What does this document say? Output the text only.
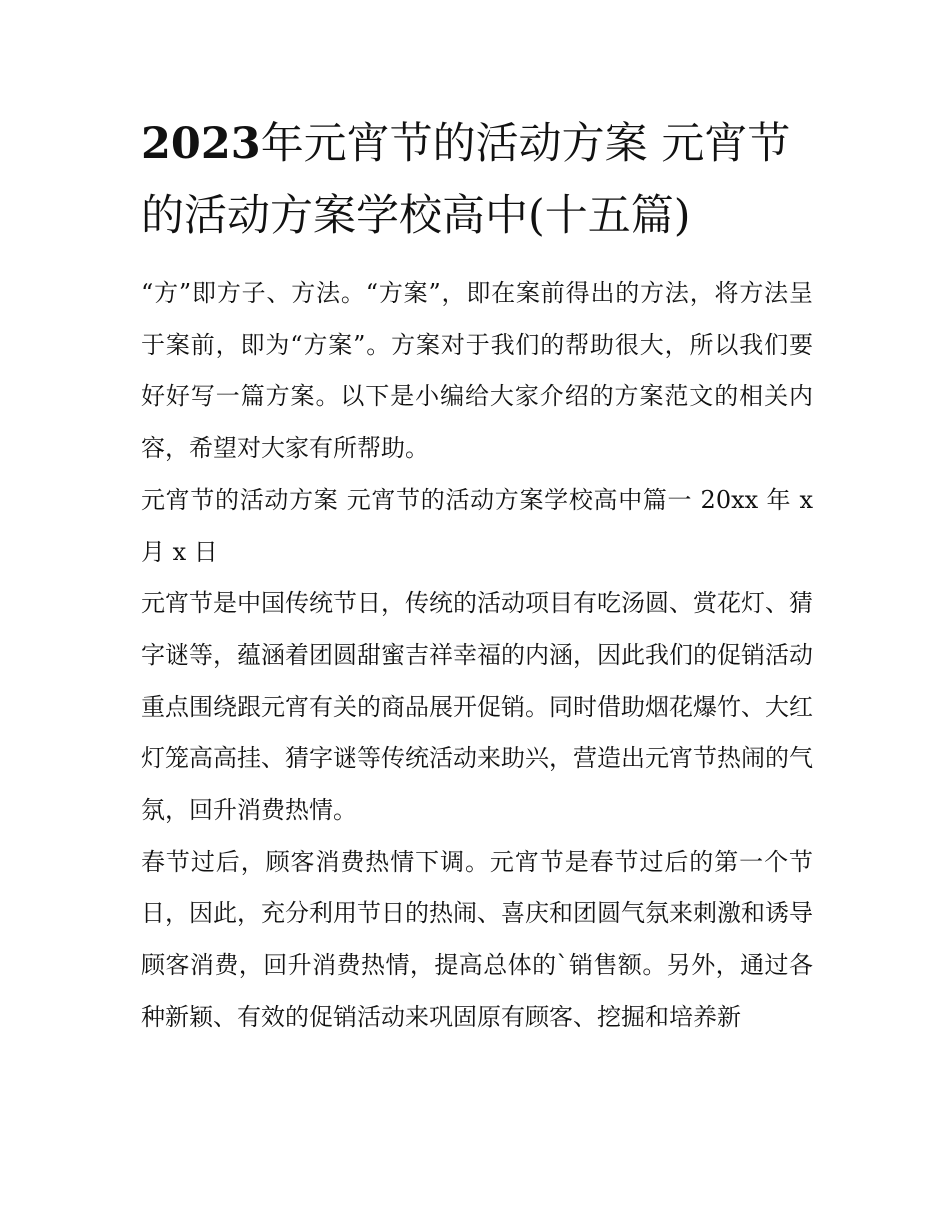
2023年元宵节的活动方案 元宵节的活动方案学校高中(十五篇)

“方”即方子、方法。“方案”，即在案前得出的方法，将方法呈于案前，即为“方案”。方案对于我们的帮助很大，所以我们要好好写一篇方案。以下是小编给大家介绍的方案范文的相关内容，希望对大家有所帮助。

元宵节的活动方案 元宵节的活动方案学校高中篇一 20xx 年 x 月 x 日

元宵节是中国传统节日，传统的活动项目有吃汤圆、赏花灯、猜字谜等，蕴涵着团圆甜蜜吉祥幸福的内涵，因此我们的促销活动重点围绕跟元宵有关的商品展开促销。同时借助烟花爆竹、大红灯笼高高挂、猜字谜等传统活动来助兴，营造出元宵节热闹的气氛，回升消费热情。

春节过后，顾客消费热情下调。元宵节是春节过后的第一个节日，因此，充分利用节日的热闹、喜庆和团圆气氛来刺激和诱导顾客消费，回升消费热情，提高总体的`销售额。另外，通过各种新颖、有效的促销活动来巩固原有顾客、挖掘和培养新
